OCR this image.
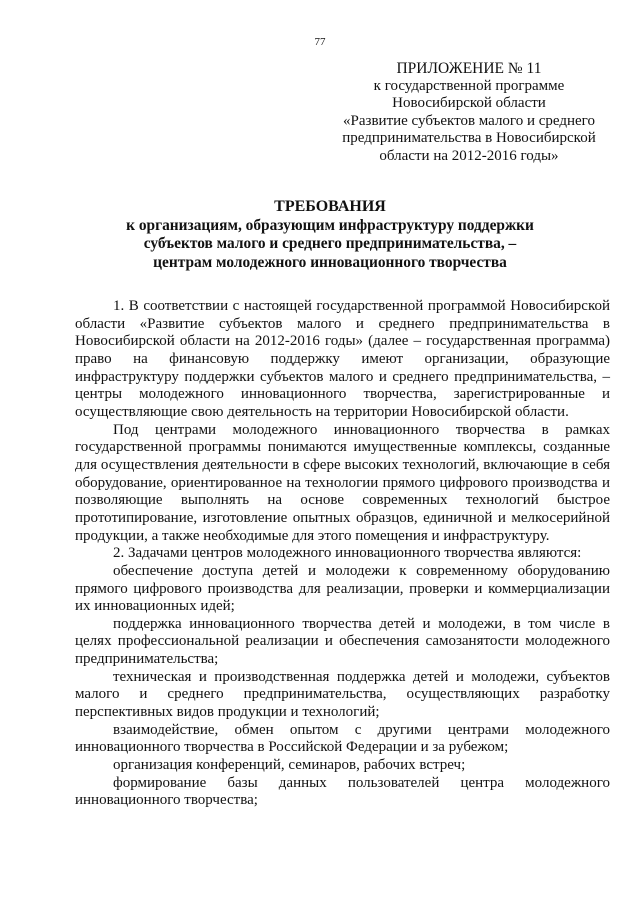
77
ПРИЛОЖЕНИЕ № 11
к государственной программе
Новосибирской области
«Развитие субъектов малого и среднего
предпринимательства в Новосибирской
области на 2012-2016 годы»
ТРЕБОВАНИЯ
к организациям, образующим инфраструктуру поддержки
субъектов малого и среднего предпринимательства, –
центрам молодежного инновационного творчества

1. В соответствии с настоящей государственной программой Новосибирской области «Развитие субъектов малого и среднего предпринимательства в Новосибирской области на 2012-2016 годы» (далее – государственная программа) право на финансовую поддержку имеют организации, образующие инфраструктуру поддержки субъектов малого и среднего предпринимательства, – центры молодежного инновационного творчества, зарегистрированные и осуществляющие свою деятельность на территории Новосибирской области.

Под центрами молодежного инновационного творчества в рамках государственной программы понимаются имущественные комплексы, созданные для осуществления деятельности в сфере высоких технологий, включающие в себя оборудование, ориентированное на технологии прямого цифрового производства и позволяющие выполнять на основе современных технологий быстрое прототипирование, изготовление опытных образцов, единичной и мелкосерийной продукции, а также необходимые для этого помещения и инфраструктуру.

2. Задачами центров молодежного инновационного творчества являются:

обеспечение доступа детей и молодежи к современному оборудованию прямого цифрового производства для реализации, проверки и коммерциализации их инновационных идей;

поддержка инновационного творчества детей и молодежи, в том числе в целях профессиональной реализации и обеспечения самозанятости молодежного предпринимательства;

техническая и производственная поддержка детей и молодежи, субъектов малого и среднего предпринимательства, осуществляющих разработку перспективных видов продукции и технологий;

взаимодействие, обмен опытом с другими центрами молодежного инновационного творчества в Российской Федерации и за рубежом;

организация конференций, семинаров, рабочих встреч;

формирование базы данных пользователей центра молодежного инновационного творчества;
